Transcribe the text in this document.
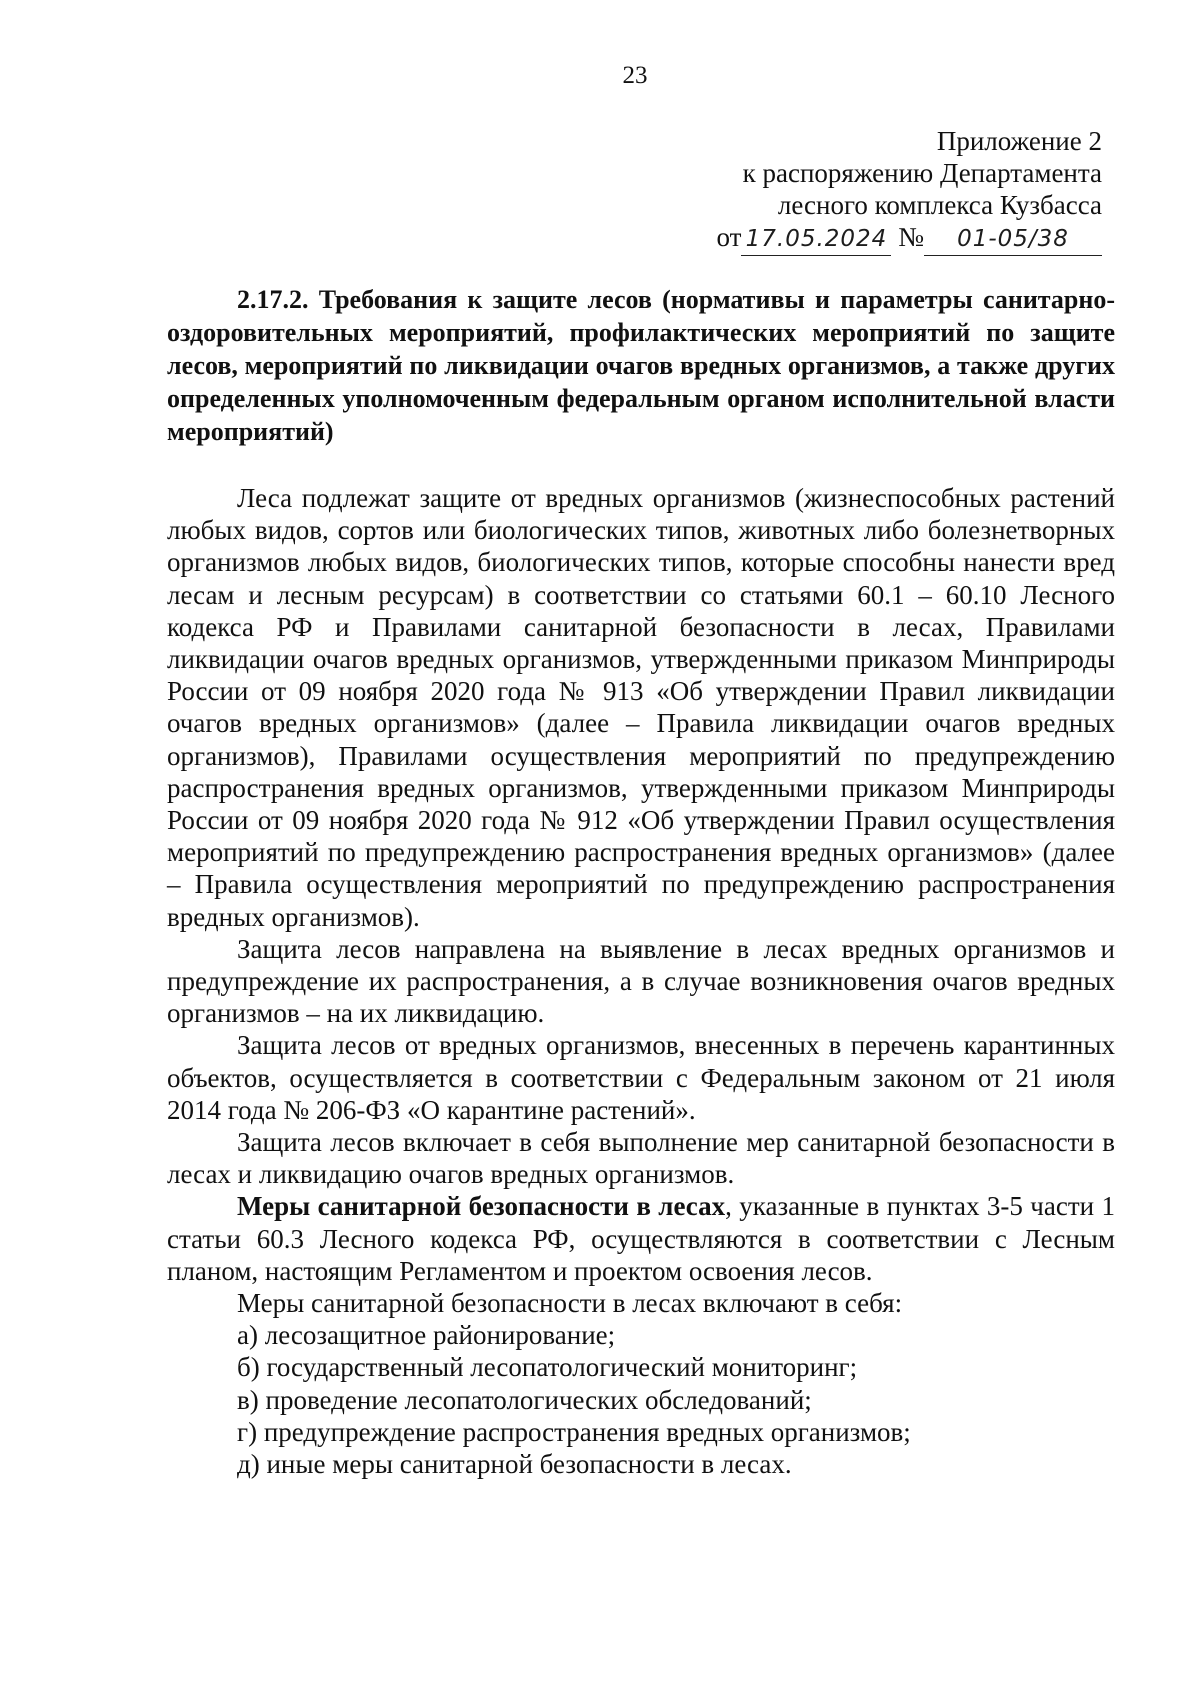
23
Приложение 2
к распоряжению Департамента
лесного комплекса Кузбасса
от 17.05.2024 № 01-05/38
2.17.2. Требования к защите лесов (нормативы и параметры санитарно-оздоровительных мероприятий, профилактических мероприятий по защите лесов, мероприятий по ликвидации очагов вредных организмов, а также других определенных уполномоченным федеральным органом исполнительной власти мероприятий)

Леса подлежат защите от вредных организмов (жизнеспособных растений любых видов, сортов или биологических типов, животных либо болезнетворных организмов любых видов, биологических типов, которые способны нанести вред лесам и лесным ресурсам) в соответствии со статьями 60.1 – 60.10 Лесного кодекса РФ и Правилами санитарной безопасности в лесах, Правилами ликвидации очагов вредных организмов, утвержденными приказом Минприроды России от 09 ноября 2020 года № 913 «Об утверждении Правил ликвидации очагов вредных организмов» (далее – Правила ликвидации очагов вредных организмов), Правилами осуществления мероприятий по предупреждению распространения вредных организмов, утвержденными приказом Минприроды России от 09 ноября 2020 года № 912 «Об утверждении Правил осуществления мероприятий по предупреждению распространения вредных организмов» (далее – Правила осуществления мероприятий по предупреждению распространения вредных организмов).

Защита лесов направлена на выявление в лесах вредных организмов и предупреждение их распространения, а в случае возникновения очагов вредных организмов – на их ликвидацию.

Защита лесов от вредных организмов, внесенных в перечень карантинных объектов, осуществляется в соответствии с Федеральным законом от 21 июля 2014 года № 206-ФЗ «О карантине растений».

Защита лесов включает в себя выполнение мер санитарной безопасности в лесах и ликвидацию очагов вредных организмов.

Меры санитарной безопасности в лесах, указанные в пунктах 3-5 части 1 статьи 60.3 Лесного кодекса РФ, осуществляются в соответствии с Лесным планом, настоящим Регламентом и проектом освоения лесов.

Меры санитарной безопасности в лесах включают в себя:

а) лесозащитное районирование;

б) государственный лесопатологический мониторинг;

в) проведение лесопатологических обследований;

г) предупреждение распространения вредных организмов;

д) иные меры санитарной безопасности в лесах.
